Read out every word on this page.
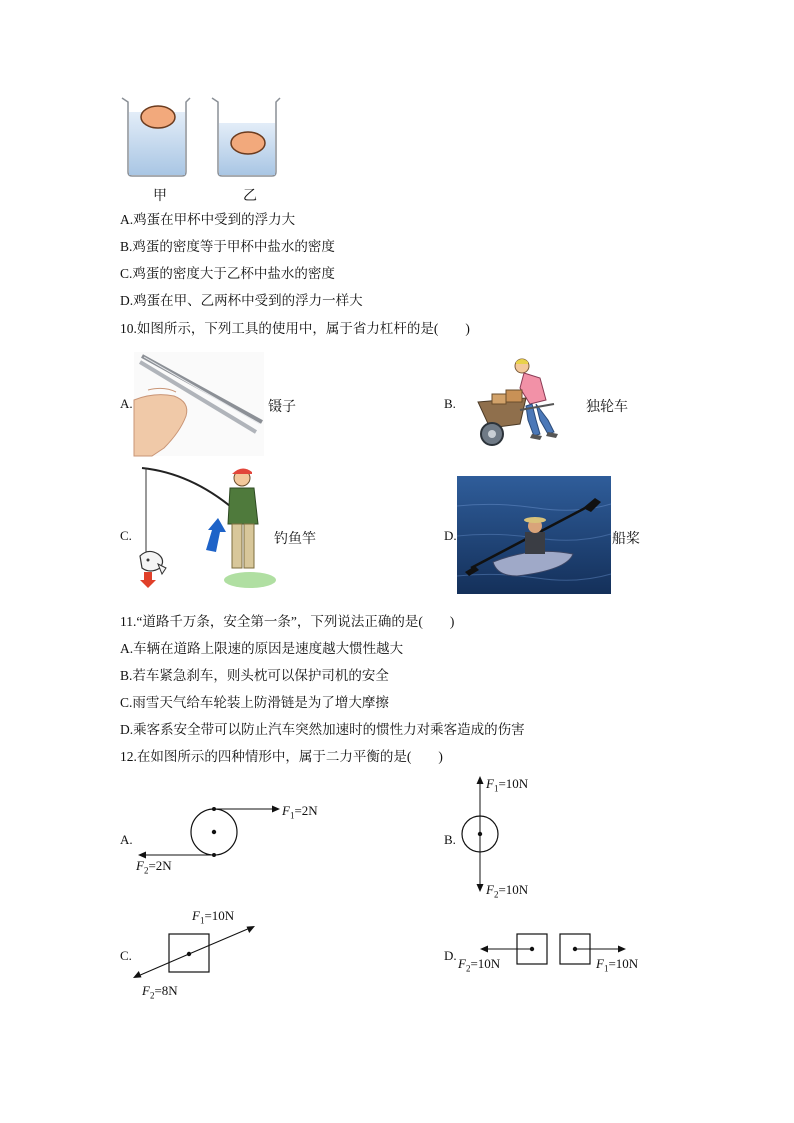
甲	乙
A.鸡蛋在甲杯中受到的浮力大
B.鸡蛋的密度等于甲杯中盐水的密度
C.鸡蛋的密度大于乙杯中盐水的密度
D.鸡蛋在甲、乙两杯中受到的浮力一样大
10.如图所示，下列工具的使用中，属于省力杠杆的是(　　)
A.	镊子	B.	独轮车
C.	钓鱼竿	D.	船桨
11.“道路千万条，安全第一条”，下列说法正确的是(　　)
A.车辆在道路上限速的原因是速度越大惯性越大
B.若车紧急刹车，则头枕可以保护司机的安全
C.雨雪天气给车轮装上防滑链是为了增大摩擦
D.乘客系安全带可以防止汽车突然加速时的惯性力对乘客造成的伤害
12.在如图所示的四种情形中，属于二力平衡的是(　　)
A.
$F_1=2N$
$F_2=2N$
B.
$F_1=10N$
$F_2=10N$
C.
$F_1=10N$
$F_2=8N$
D.
$F_2=10N$	$F_1=10N$
